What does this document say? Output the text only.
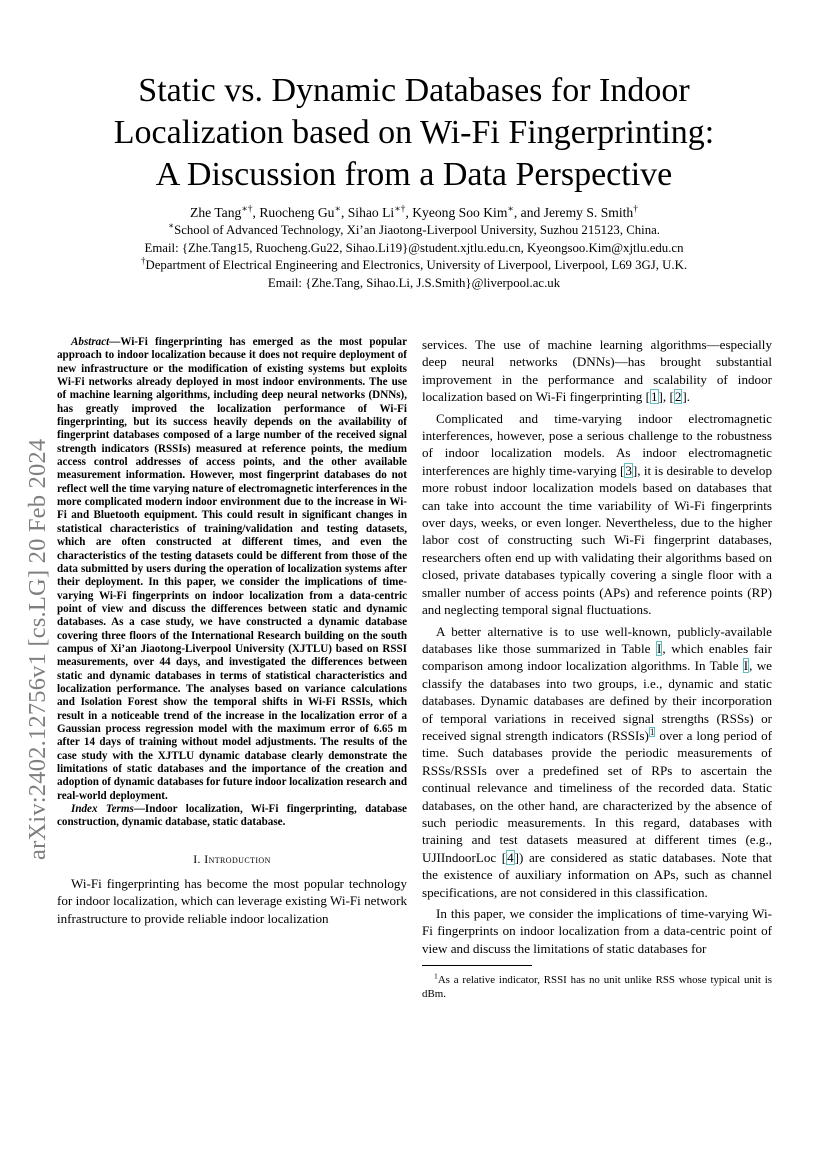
arXiv:2402.12756v1 [cs.LG] 20 Feb 2024
Static vs. Dynamic Databases for Indoor
Localization based on Wi-Fi Fingerprinting:
A Discussion from a Data Perspective
Zhe Tang∗†, Ruocheng Gu∗, Sihao Li∗†, Kyeong Soo Kim∗, and Jeremy S. Smith†
∗School of Advanced Technology, Xi’an Jiaotong-Liverpool University, Suzhou 215123, China.
Email: {Zhe.Tang15, Ruocheng.Gu22, Sihao.Li19}@student.xjtlu.edu.cn, Kyeongsoo.Kim@xjtlu.edu.cn
†Department of Electrical Engineering and Electronics, University of Liverpool, Liverpool, L69 3GJ, U.K.
Email: {Zhe.Tang, Sihao.Li, J.S.Smith}@liverpool.ac.uk

Abstract—Wi-Fi fingerprinting has emerged as the most popular approach to indoor localization because it does not require deployment of new infrastructure or the modification of existing systems but exploits Wi-Fi networks already deployed in most indoor environments. The use of machine learning algorithms, including deep neural networks (DNNs), has greatly improved the localization performance of Wi-Fi fingerprinting, but its success heavily depends on the availability of fingerprint databases composed of a large number of the received signal strength indicators (RSSIs) measured at reference points, the medium access control addresses of access points, and the other available measurement information. However, most fingerprint databases do not reflect well the time varying nature of electromagnetic interferences in the more complicated modern indoor environment due to the increase in Wi-Fi and Bluetooth equipment. This could result in significant changes in statistical characteristics of training/validation and testing datasets, which are often constructed at different times, and even the characteristics of the testing datasets could be different from those of the data submitted by users during the operation of localization systems after their deployment. In this paper, we consider the implications of time-varying Wi-Fi fingerprints on indoor localization from a data-centric point of view and discuss the differences between static and dynamic databases. As a case study, we have constructed a dynamic database covering three floors of the International Research building on the south campus of Xi’an Jiaotong-Liverpool University (XJTLU) based on RSSI measurements, over 44 days, and investigated the differences between static and dynamic databases in terms of statistical characteristics and localization performance. The analyses based on variance calculations and Isolation Forest show the temporal shifts in Wi-Fi RSSIs, which result in a noticeable trend of the increase in the localization error of a Gaussian process regression model with the maximum error of 6.65 m after 14 days of training without model adjustments. The results of the case study with the XJTLU dynamic database clearly demonstrate the limitations of static databases and the importance of the creation and adoption of dynamic databases for future indoor localization research and real-world deployment.

Index Terms—Indoor localization, Wi-Fi fingerprinting, database construction, dynamic database, static database.

I. Introduction

Wi-Fi fingerprinting has become the most popular technology for indoor localization, which can leverage existing Wi-Fi network infrastructure to provide reliable indoor localization

services. The use of machine learning algorithms—especially deep neural networks (DNNs)—has brought substantial improvement in the performance and scalability of indoor localization based on Wi-Fi fingerprinting [1], [2].

Complicated and time-varying indoor electromagnetic interferences, however, pose a serious challenge to the robustness of indoor localization models. As indoor electromagnetic interferences are highly time-varying [3], it is desirable to develop more robust indoor localization models based on databases that can take into account the time variability of Wi-Fi fingerprints over days, weeks, or even longer. Nevertheless, due to the higher labor cost of constructing such Wi-Fi fingerprint databases, researchers often end up with validating their algorithms based on closed, private databases typically covering a single floor with a smaller number of access points (APs) and reference points (RP) and neglecting temporal signal fluctuations.

A better alternative is to use well-known, publicly-available databases like those summarized in Table I, which enables fair comparison among indoor localization algorithms. In Table I, we classify the databases into two groups, i.e., dynamic and static databases. Dynamic databases are defined by their incorporation of temporal variations in received signal strengths (RSSs) or received signal strength indicators (RSSIs)$^1$ over a long period of time. Such databases provide the periodic measurements of RSSs/RSSIs over a predefined set of RPs to ascertain the continual relevance and timeliness of the recorded data. Static databases, on the other hand, are characterized by the absence of such periodic measurements. In this regard, databases with training and test datasets measured at different times (e.g., UJIIndoorLoc [4]) are considered as static databases. Note that the existence of auxiliary information on APs, such as channel specifications, are not considered in this classification.

In this paper, we consider the implications of time-varying Wi-Fi fingerprints on indoor localization from a data-centric point of view and discuss the limitations of static databases for

$^1$As a relative indicator, RSSI has no unit unlike RSS whose typical unit is dBm.
